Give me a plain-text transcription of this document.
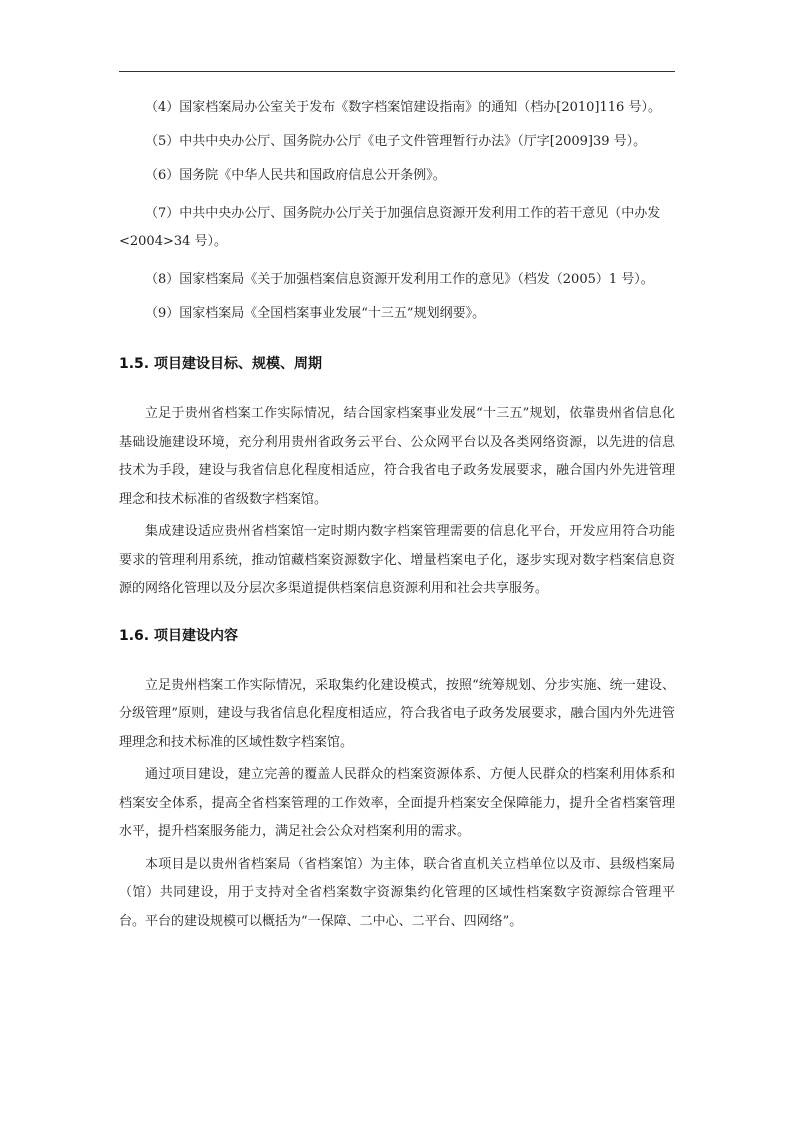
（4）国家档案局办公室关于发布《数字档案馆建设指南》的通知（档办[2010]116 号）。

（5）中共中央办公厅、国务院办公厅《电子文件管理暂行办法》（厅字[2009]39 号）。

（6）国务院《中华人民共和国政府信息公开条例》。

（7）中共中央办公厅、国务院办公厅关于加强信息资源开发利用工作的若干意见（中办发<2004>34 号）。

（8）国家档案局《关于加强档案信息资源开发利用工作的意见》（档发（2005）1 号）。

（9）国家档案局《全国档案事业发展“十三五”规划纲要》。

1.5. 项目建设目标、规模、周期

立足于贵州省档案工作实际情况，结合国家档案事业发展“十三五”规划，依靠贵州省信息化基础设施建设环境，充分利用贵州省政务云平台、公众网平台以及各类网络资源，以先进的信息技术为手段，建设与我省信息化程度相适应，符合我省电子政务发展要求，融合国内外先进管理理念和技术标准的省级数字档案馆。

集成建设适应贵州省档案馆一定时期内数字档案管理需要的信息化平台，开发应用符合功能要求的管理利用系统，推动馆藏档案资源数字化、增量档案电子化，逐步实现对数字档案信息资源的网络化管理以及分层次多渠道提供档案信息资源利用和社会共享服务。

1.6. 项目建设内容

立足贵州档案工作实际情况，采取集约化建设模式，按照“统筹规划、分步实施、统一建设、分级管理”原则，建设与我省信息化程度相适应，符合我省电子政务发展要求，融合国内外先进管理理念和技术标准的区域性数字档案馆。

通过项目建设，建立完善的覆盖人民群众的档案资源体系、方便人民群众的档案利用体系和档案安全体系，提高全省档案管理的工作效率，全面提升档案安全保障能力，提升全省档案管理水平，提升档案服务能力，满足社会公众对档案利用的需求。

本项目是以贵州省档案局（省档案馆）为主体，联合省直机关立档单位以及市、县级档案局（馆）共同建设，用于支持对全省档案数字资源集约化管理的区域性档案数字资源综合管理平台。平台的建设规模可以概括为“一保障、二中心、二平台、四网络”。
